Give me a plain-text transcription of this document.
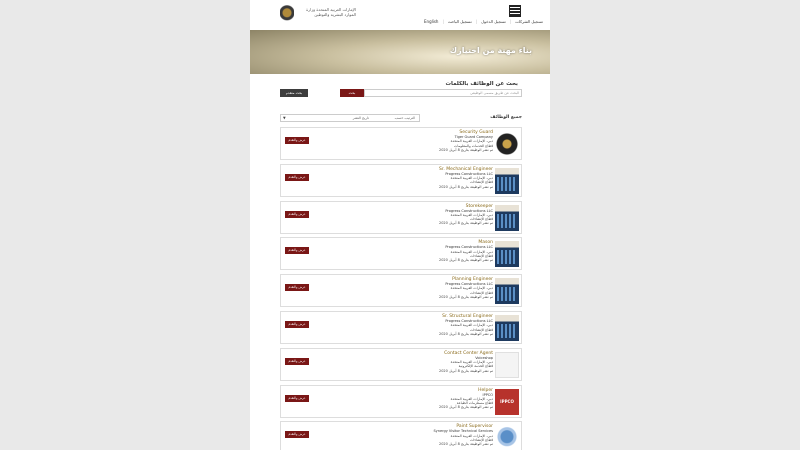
الإمارات العربية المتحدة وزارة الموارد البشرية والتوطين
تسجيل الشركات
|
تسجيل الدخول
|
تسجيل الباحث
|
English
بناء مهنة من اختيارك
بحث عن الوظائف بالكلمات
بحث متقدم	بحث	البحث عن طريق مسمى الوظيفي
جميع الوظائف
▼	الترتيب حسب
تاريخ النشر
عرض والتقدم
Security Guard
Tiger Guard Company
دبي، الإمارات العربية المتحدة
قطاع الخدمات والمعلومات
تم نشر الوظيفة بتاريخ 8 أبريل 2020
عرض والتقدم
Sr. Mechanical Engineer
Progress Constructions LLC
دبي، الإمارات العربية المتحدة
قطاع الإنشاءات
تم نشر الوظيفة بتاريخ 8 أبريل 2020
عرض والتقدم
Storekeeper
Progress Constructions LLC
دبي، الإمارات العربية المتحدة
قطاع الإنشاءات
تم نشر الوظيفة بتاريخ 8 أبريل 2020
عرض والتقدم
Mason
Progress Constructions LLC
دبي، الإمارات العربية المتحدة
قطاع الإنشاءات
تم نشر الوظيفة بتاريخ 8 أبريل 2020
عرض والتقدم
Planning Engineer
Progress Constructions LLC
دبي، الإمارات العربية المتحدة
قطاع الإنشاءات
تم نشر الوظيفة بتاريخ 8 أبريل 2020
عرض والتقدم
Sr. Structural Engineer
Progress Constructions LLC
دبي، الإمارات العربية المتحدة
قطاع الإنشاءات
تم نشر الوظيفة بتاريخ 8 أبريل 2020
عرض والتقدم
Contact Center Agent
Voiceshop
دبي، الإمارات العربية المتحدة
قطاع الخدمة الإلكترونية
تم نشر الوظيفة بتاريخ 8 أبريل 2020
عرض والتقدم
Helper
IPPCO
دبي، الإمارات العربية المتحدة
قطاع مستلزمات الطباعة
تم نشر الوظيفة بتاريخ 8 أبريل 2020
IPPCO
عرض والتقدم
Paint Supervisor
Synergy Visitor Technical Services
دبي، الإمارات العربية المتحدة
قطاع الإنشاءات
تم نشر الوظيفة بتاريخ 8 أبريل 2020
